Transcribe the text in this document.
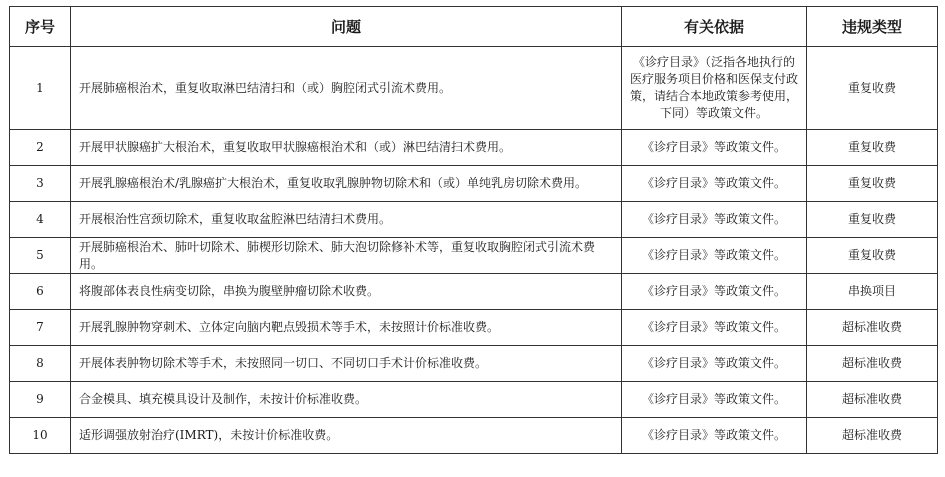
序号	问题	有关依据	违规类型
1	开展肺癌根治术，重复收取淋巴结清扫和（或）胸腔闭式引流术费用。	《诊疗目录》（泛指各地执行的医疗服务项目价格和医保支付政策，请结合本地政策参考使用，下同）等政策文件。	重复收费
2	开展甲状腺癌扩大根治术，重复收取甲状腺癌根治术和（或）淋巴结清扫术费用。	《诊疗目录》等政策文件。	重复收费
3	开展乳腺癌根治术/乳腺癌扩大根治术，重复收取乳腺肿物切除术和（或）单纯乳房切除术费用。	《诊疗目录》等政策文件。	重复收费
4	开展根治性宫颈切除术，重复收取盆腔淋巴结清扫术费用。	《诊疗目录》等政策文件。	重复收费
5	开展肺癌根治术、肺叶切除术、肺楔形切除术、肺大泡切除修补术等，重复收取胸腔闭式引流术费用。	《诊疗目录》等政策文件。	重复收费
6	将腹部体表良性病变切除，串换为腹壁肿瘤切除术收费。	《诊疗目录》等政策文件。	串换项目
7	开展乳腺肿物穿刺术、立体定向脑内靶点毁损术等手术，未按照计价标准收费。	《诊疗目录》等政策文件。	超标准收费
8	开展体表肿物切除术等手术，未按照同一切口、不同切口手术计价标准收费。	《诊疗目录》等政策文件。	超标准收费
9	合金模具、填充模具设计及制作，未按计价标准收费。	《诊疗目录》等政策文件。	超标准收费
10	适形调强放射治疗(IMRT)，未按计价标准收费。	《诊疗目录》等政策文件。	超标准收费
